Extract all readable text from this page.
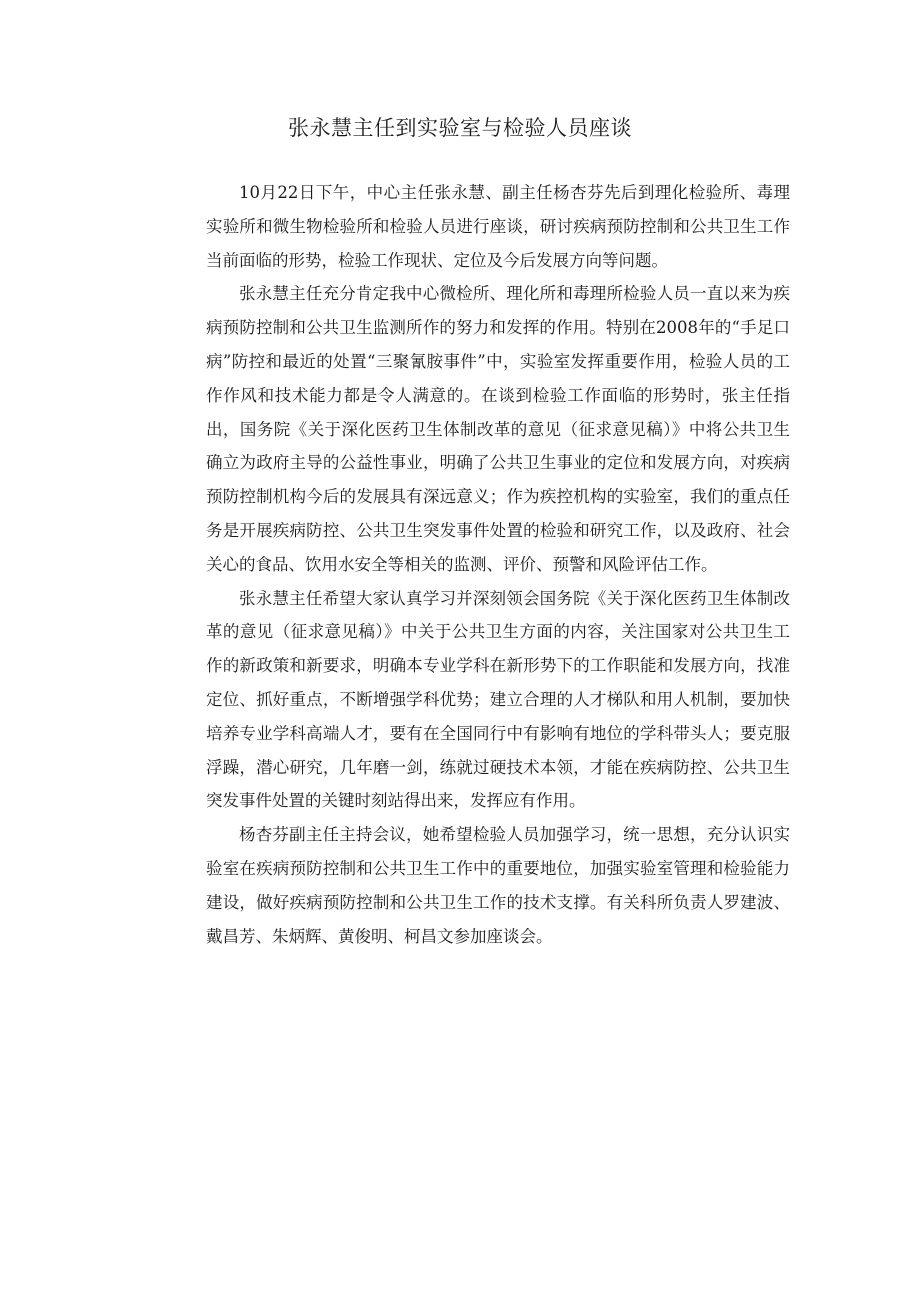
张永慧主任到实验室与检验人员座谈

10月22日下午，中心主任张永慧、副主任杨杏芬先后到理化检验所、毒理实验所和微生物检验所和检验人员进行座谈，研讨疾病预防控制和公共卫生工作当前面临的形势，检验工作现状、定位及今后发展方向等问题。

张永慧主任充分肯定我中心微检所、理化所和毒理所检验人员一直以来为疾病预防控制和公共卫生监测所作的努力和发挥的作用。特别在2008年的“手足口病”防控和最近的处置“三聚氰胺事件”中，实验室发挥重要作用，检验人员的工作作风和技术能力都是令人满意的。在谈到检验工作面临的形势时，张主任指出，国务院《关于深化医药卫生体制改革的意见（征求意见稿）》中将公共卫生确立为政府主导的公益性事业，明确了公共卫生事业的定位和发展方向，对疾病预防控制机构今后的发展具有深远意义；作为疾控机构的实验室，我们的重点任务是开展疾病防控、公共卫生突发事件处置的检验和研究工作，以及政府、社会关心的食品、饮用水安全等相关的监测、评价、预警和风险评估工作。

张永慧主任希望大家认真学习并深刻领会国务院《关于深化医药卫生体制改革的意见（征求意见稿）》中关于公共卫生方面的内容，关注国家对公共卫生工作的新政策和新要求，明确本专业学科在新形势下的工作职能和发展方向，找准定位、抓好重点，不断增强学科优势；建立合理的人才梯队和用人机制，要加快培养专业学科高端人才，要有在全国同行中有影响有地位的学科带头人；要克服浮躁，潜心研究，几年磨一剑，练就过硬技术本领，才能在疾病防控、公共卫生突发事件处置的关键时刻站得出来，发挥应有作用。

杨杏芬副主任主持会议，她希望检验人员加强学习，统一思想，充分认识实验室在疾病预防控制和公共卫生工作中的重要地位，加强实验室管理和检验能力建设，做好疾病预防控制和公共卫生工作的技术支撑。有关科所负责人罗建波、戴昌芳、朱炳辉、黄俊明、柯昌文参加座谈会。
